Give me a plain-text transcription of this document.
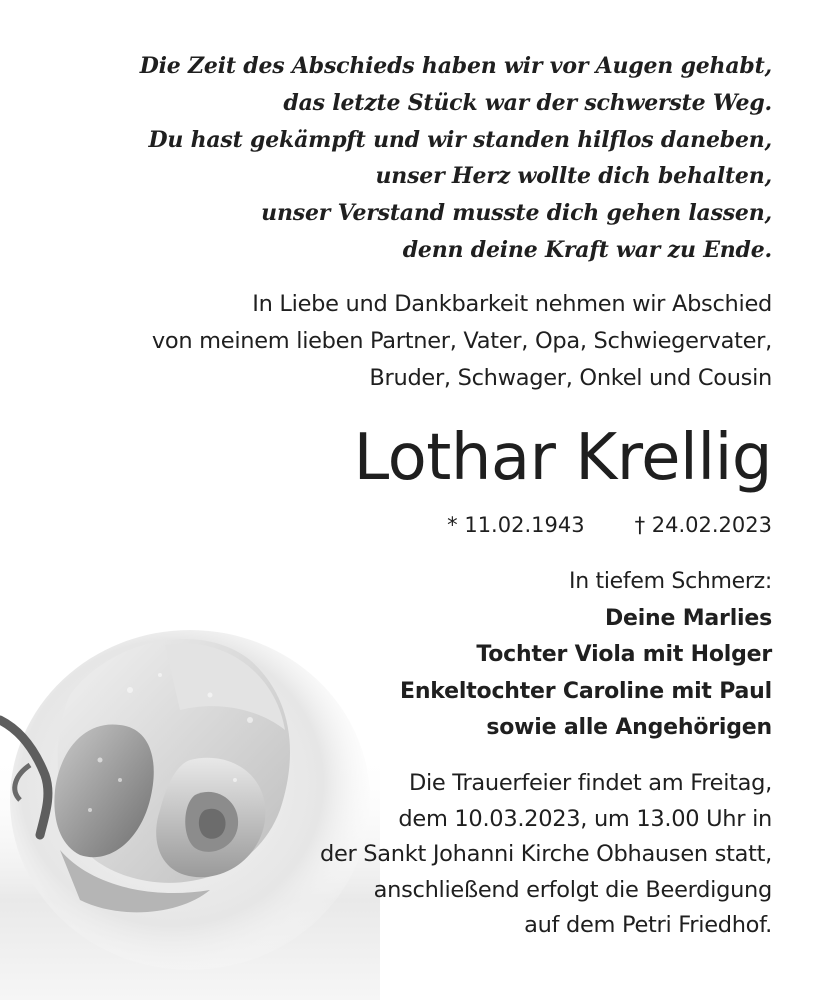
Die Zeit des Abschieds haben wir vor Augen gehabt,
das letzte Stück war der schwerste Weg.
Du hast gekämpft und wir standen hilflos daneben,
unser Herz wollte dich behalten,
unser Verstand musste dich gehen lassen,
denn deine Kraft war zu Ende.
In Liebe und Dankbarkeit nehmen wir Abschied
von meinem lieben Partner, Vater, Opa, Schwiegervater,
Bruder, Schwager, Onkel und Cousin
Lothar Krellig
* 11.02.1943 † 24.02.2023
In tiefem Schmerz:
Deine Marlies
Tochter Viola mit Holger
Enkeltochter Caroline mit Paul
sowie alle Angehörigen
Die Trauerfeier findet am Freitag,
dem 10.03.2023, um 13.00 Uhr in
der Sankt Johanni Kirche Obhausen statt,
anschließend erfolgt die Beerdigung
auf dem Petri Friedhof.
